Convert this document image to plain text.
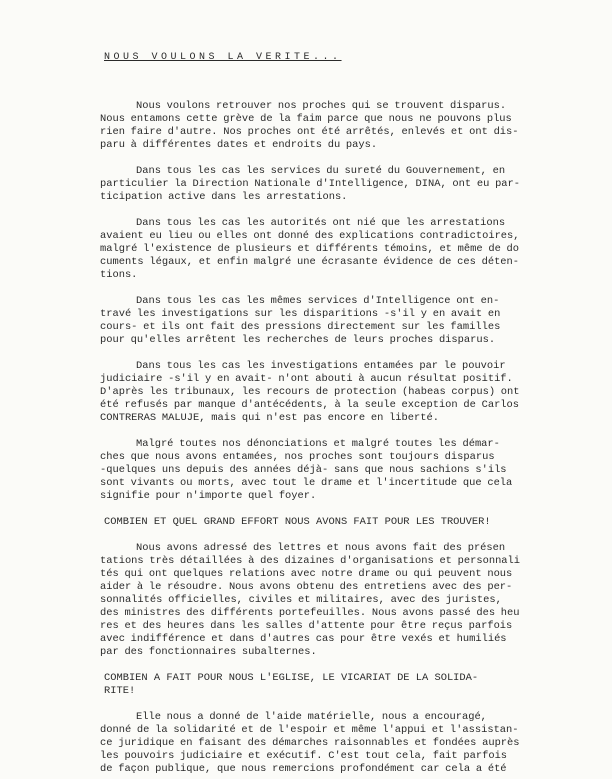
NOUS VOULONS LA VERITE...
Nous voulons retrouver nos proches qui se trouvent disparus.
Nous entamons cette grève de la faim parce que nous ne pouvons plus
rien faire d'autre. Nos proches ont été arrêtés, enlevés et ont dis-
paru à différentes dates et endroits du pays.
Dans tous les cas les services du sureté du Gouvernement, en
particulier la Direction Nationale d'Intelligence, DINA, ont eu par-
ticipation active dans les arrestations.
Dans tous les cas les autorités ont nié que les arrestations
avaient eu lieu ou elles ont donné des explications contradictoires,
malgré l'existence de plusieurs et différents témoins, et même de do
cuments légaux, et enfin malgré une écrasante évidence de ces déten-
tions.
Dans tous les cas les mêmes services d'Intelligence ont en-
travé les investigations sur les disparitions -s'il y en avait en
cours- et ils ont fait des pressions directement sur les familles
pour qu'elles arrêtent les recherches de leurs proches disparus.
Dans tous les cas les investigations entamées par le pouvoir
judiciaire -s'il y en avait- n'ont abouti à aucun résultat positif.
D'après les tribunaux, les recours de protection (habeas corpus) ont
été refusés par manque d'antécédents, à la seule exception de Carlos
CONTRERAS MALUJE, mais qui n'est pas encore en liberté.
Malgré toutes nos dénonciations et malgré toutes les démar-
ches que nous avons entamées, nos proches sont toujours disparus
-quelques uns depuis des années déjà- sans que nous sachions s'ils
sont vivants ou morts, avec tout le drame et l'incertitude que cela
signifie pour n'importe quel foyer.
COMBIEN ET QUEL GRAND EFFORT NOUS AVONS FAIT POUR LES TROUVER!
Nous avons adressé des lettres et nous avons fait des présen
tations très détaillées à des dizaines d'organisations et personnali
tés qui ont quelques relations avec notre drame ou qui peuvent nous
aider à le résoudre. Nous avons obtenu des entretiens avec des per-
sonnalités officielles, civiles et militaires, avec des juristes,
des ministres des différents portefeuilles. Nous avons passé des heu
res et des heures dans les salles d'attente pour être reçus parfois
avec indifférence et dans d'autres cas pour être vexés et humiliés
par des fonctionnaires subalternes.
COMBIEN A FAIT POUR NOUS L'EGLISE, LE VICARIAT DE LA SOLIDA-
RITE!
Elle nous a donné de l'aide matérielle, nous a encouragé,
donné de la solidarité et de l'espoir et même l'appui et l'assistan-
ce juridique en faisant des démarches raisonnables et fondées auprès
les pouvoirs judiciaire et exécutif. C'est tout cela, fait parfois
de façon publique, que nous remercions profondément car cela a été
